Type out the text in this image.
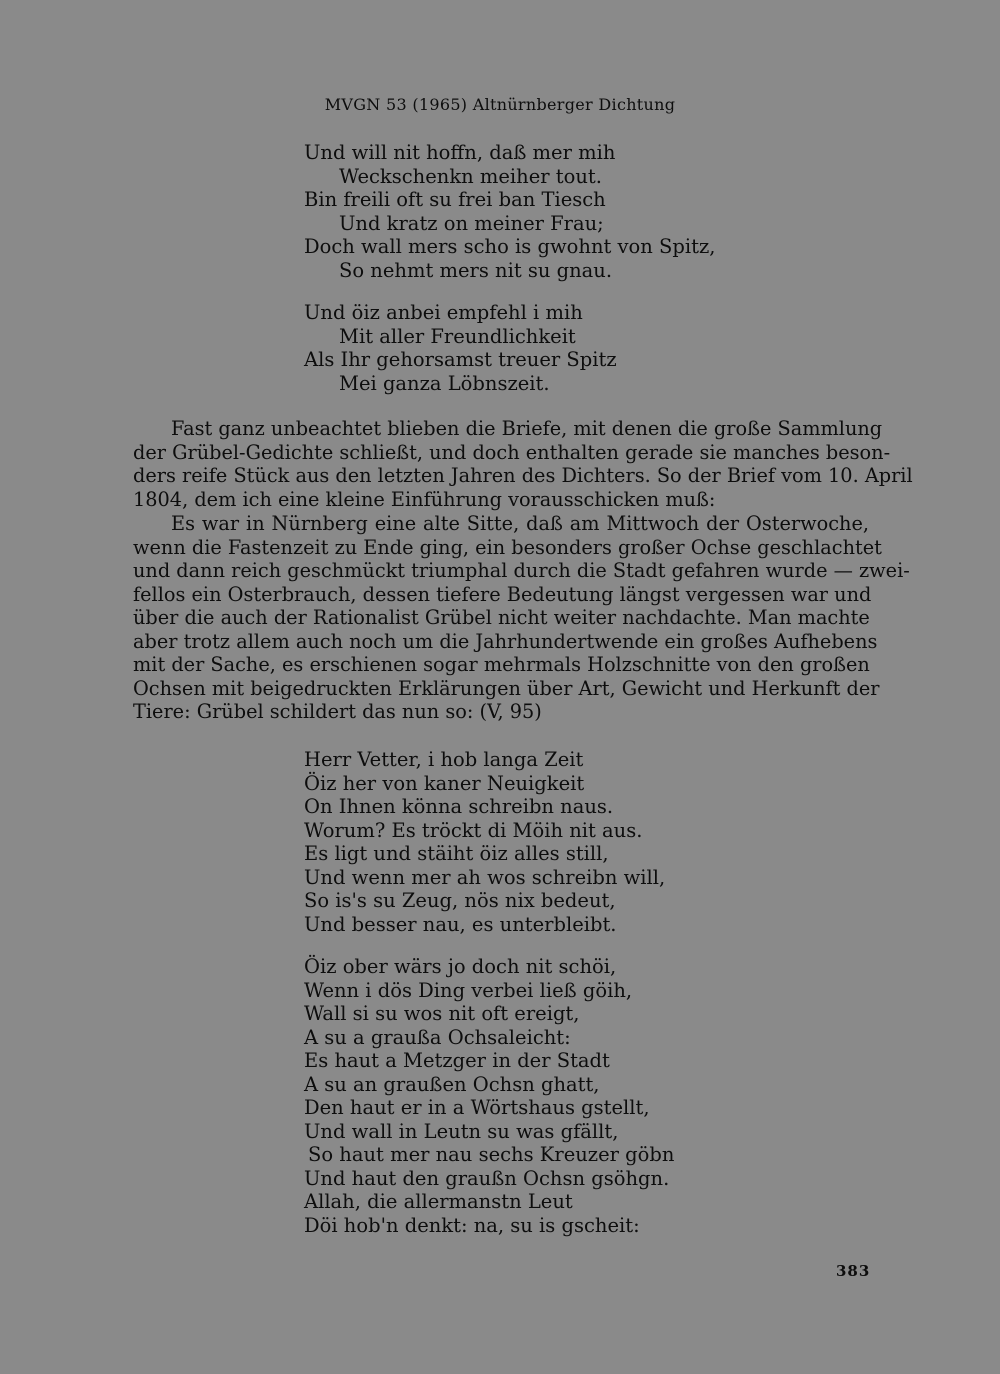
MVGN 53 (1965) Altnürnberger Dichtung
Und will nit hoffn, daß mer mih
Weckschenkn meiher tout.
Bin freili oft su frei ban Tiesch
Und kratz on meiner Frau;
Doch wall mers scho is gwohnt von Spitz,
So nehmt mers nit su gnau.
Und öiz anbei empfehl i mih
Mit aller Freundlichkeit
Als Ihr gehorsamst treuer Spitz
Mei ganza Löbnszeit.
Fast ganz unbeachtet blieben die Briefe, mit denen die große Sammlung
der Grübel-Gedichte schließt, und doch enthalten gerade sie manches beson-
ders reife Stück aus den letzten Jahren des Dichters. So der Brief vom 10. April
1804, dem ich eine kleine Einführung vorausschicken muß:
Es war in Nürnberg eine alte Sitte, daß am Mittwoch der Osterwoche,
wenn die Fastenzeit zu Ende ging, ein besonders großer Ochse geschlachtet
und dann reich geschmückt triumphal durch die Stadt gefahren wurde — zwei-
fellos ein Osterbrauch, dessen tiefere Bedeutung längst vergessen war und
über die auch der Rationalist Grübel nicht weiter nachdachte. Man machte
aber trotz allem auch noch um die Jahrhundertwende ein großes Aufhebens
mit der Sache, es erschienen sogar mehrmals Holzschnitte von den großen
Ochsen mit beigedruckten Erklärungen über Art, Gewicht und Herkunft der
Tiere: Grübel schildert das nun so: (V, 95)
Herr Vetter, i hob langa Zeit
Öiz her von kaner Neuigkeit
On Ihnen könna schreibn naus.
Worum? Es tröckt di Möih nit aus.
Es ligt und stäiht öiz alles still,
Und wenn mer ah wos schreibn will,
So is's su Zeug, nös nix bedeut,
Und besser nau, es unterbleibt.
Öiz ober wärs jo doch nit schöi,
Wenn i dös Ding verbei ließ göih,
Wall si su wos nit oft ereigt,
A su a graußa Ochsaleicht:
Es haut a Metzger in der Stadt
A su an graußen Ochsn ghatt,
Den haut er in a Wörtshaus gstellt,
Und wall in Leutn su was gfällt,
So haut mer nau sechs Kreuzer göbn
Und haut den graußn Ochsn gsöhgn.
Allah, die allermanstn Leut
Döi hob'n denkt: na, su is gscheit:
383
